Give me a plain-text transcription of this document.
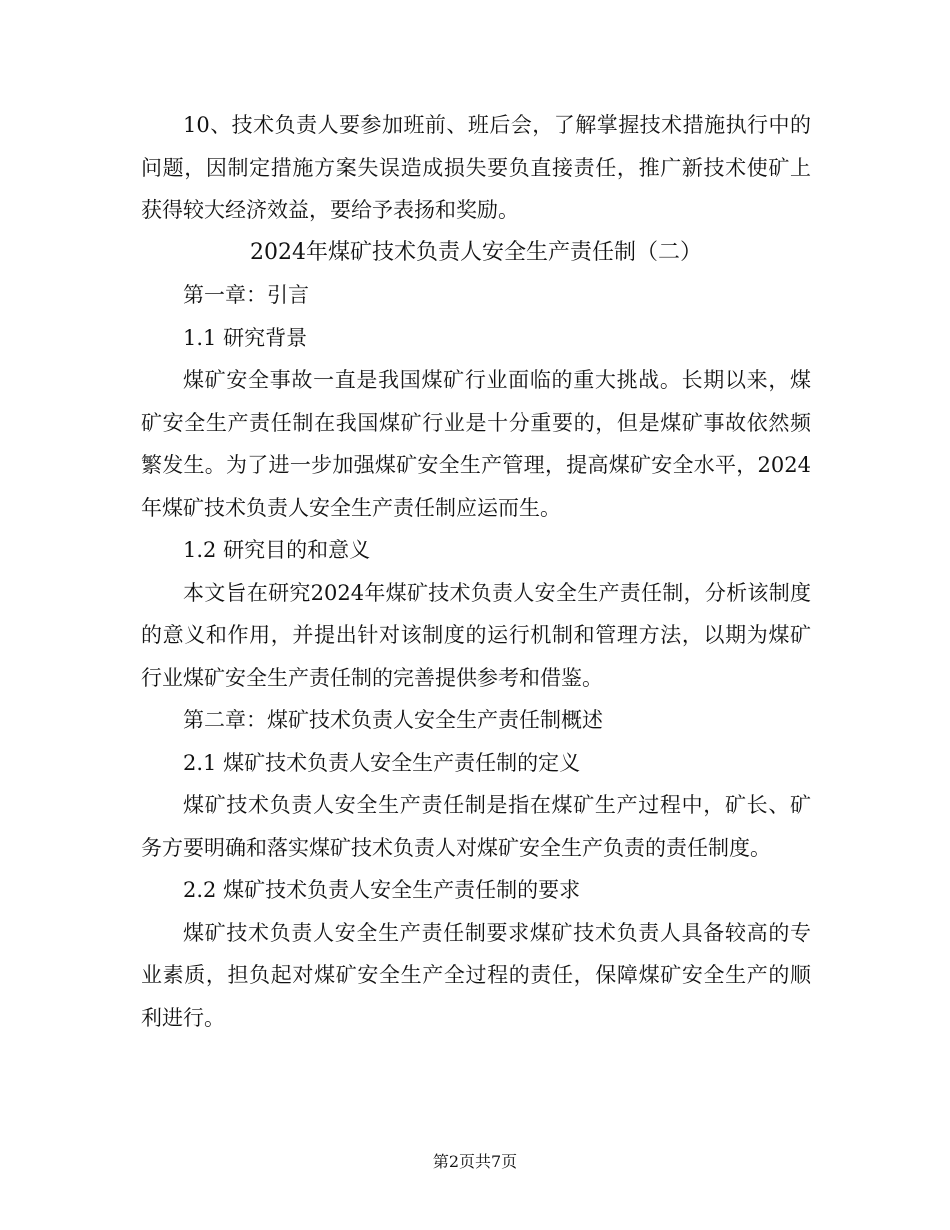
10、技术负责人要参加班前、班后会，了解掌握技术措施执行中的问题，因制定措施方案失误造成损失要负直接责任，推广新技术使矿上获得较大经济效益，要给予表扬和奖励。

2024年煤矿技术负责人安全生产责任制（二）

第一章：引言

1.1 研究背景

煤矿安全事故一直是我国煤矿行业面临的重大挑战。长期以来，煤矿安全生产责任制在我国煤矿行业是十分重要的，但是煤矿事故依然频繁发生。为了进一步加强煤矿安全生产管理，提高煤矿安全水平，2024年煤矿技术负责人安全生产责任制应运而生。

1.2 研究目的和意义

本文旨在研究2024年煤矿技术负责人安全生产责任制，分析该制度的意义和作用，并提出针对该制度的运行机制和管理方法，以期为煤矿行业煤矿安全生产责任制的完善提供参考和借鉴。

第二章：煤矿技术负责人安全生产责任制概述

2.1 煤矿技术负责人安全生产责任制的定义

煤矿技术负责人安全生产责任制是指在煤矿生产过程中，矿长、矿务方要明确和落实煤矿技术负责人对煤矿安全生产负责的责任制度。

2.2 煤矿技术负责人安全生产责任制的要求

煤矿技术负责人安全生产责任制要求煤矿技术负责人具备较高的专业素质，担负起对煤矿安全生产全过程的责任，保障煤矿安全生产的顺利进行。

第2页共7页
